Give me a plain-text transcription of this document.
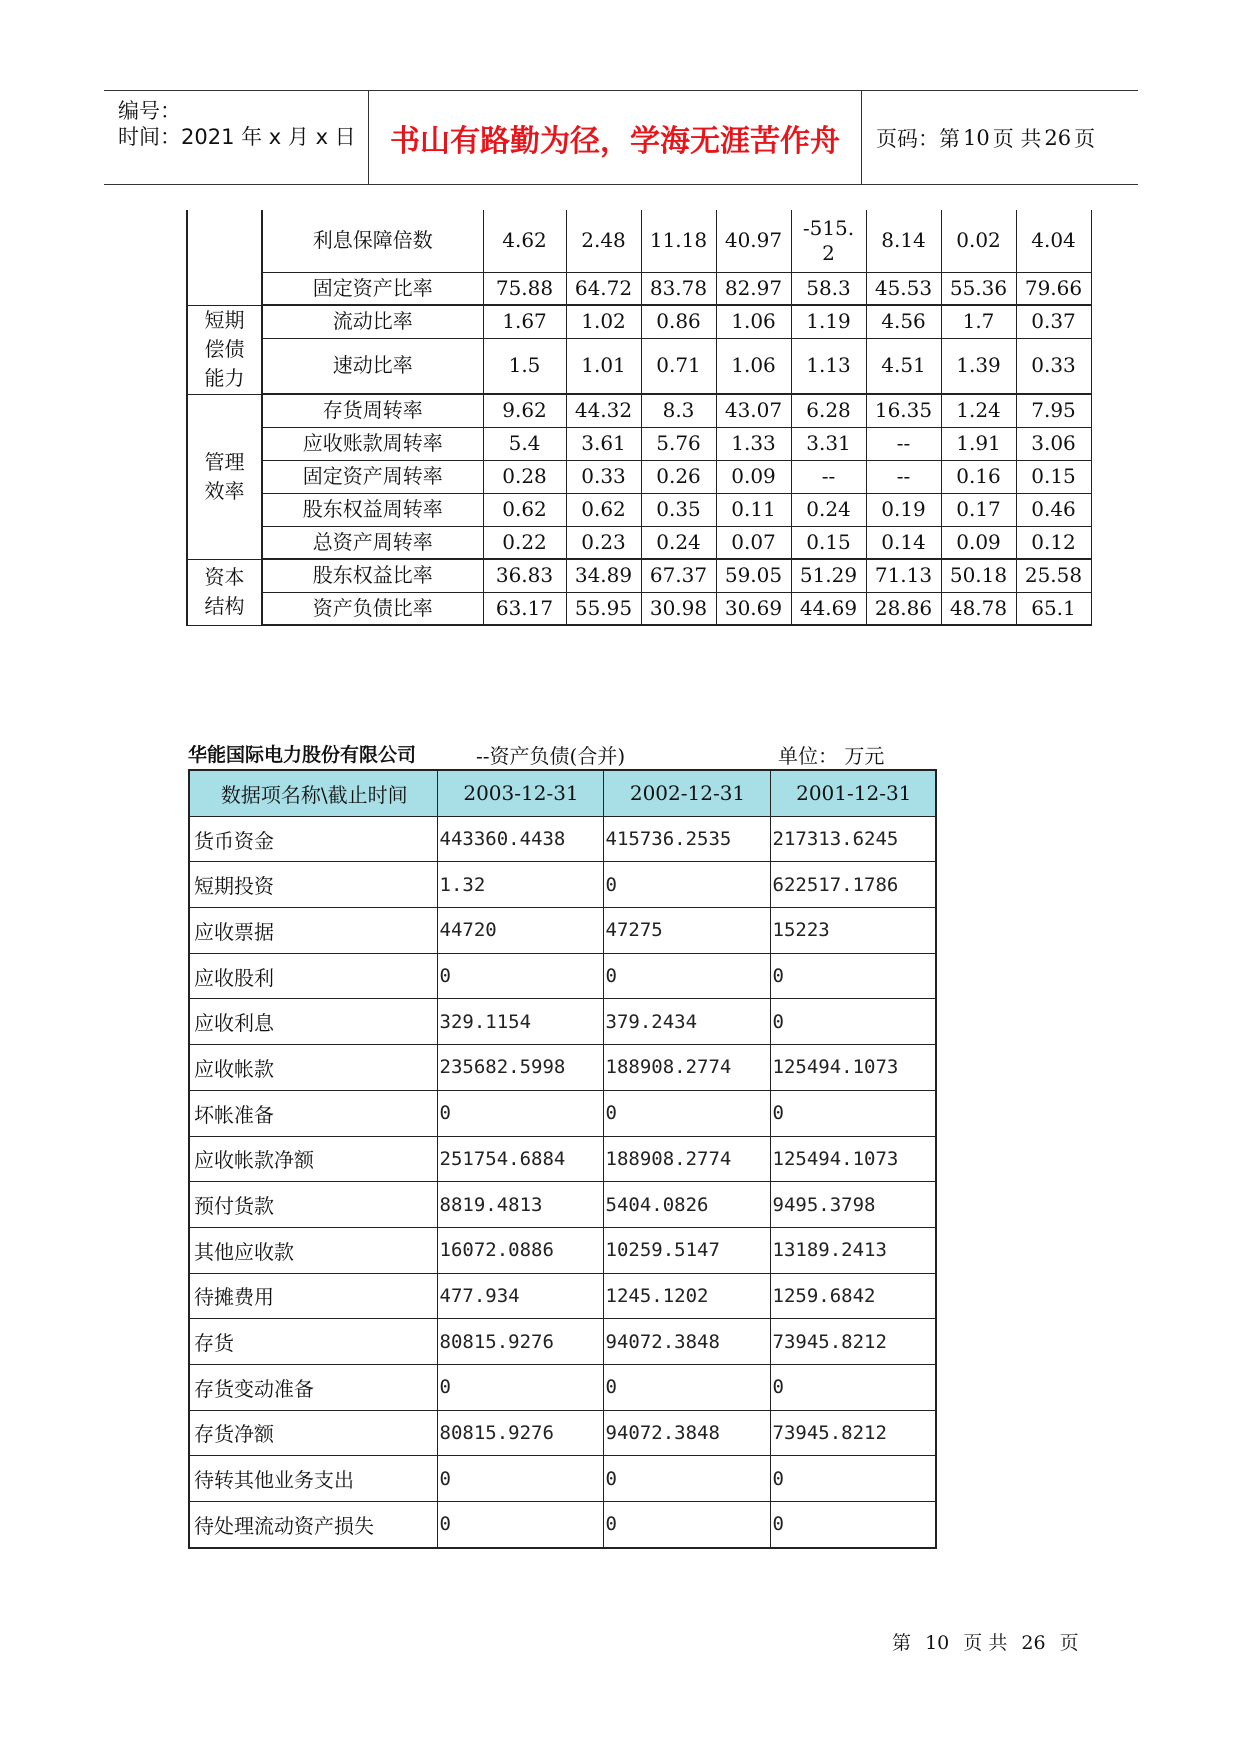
编号：
时间：2021 年 x 月 x 日	书山有路勤为径，学海无涯苦作舟	页码：第 10 页 共 26 页
	利息保障倍数	4.62	2.48	11.18	40.97	-515.2	8.14	0.02	4.04
	固定资产比率	75.88	64.72	83.78	82.97	58.3	45.53	55.36	79.66
短期偿债能力	流动比率	1.67	1.02	0.86	1.06	1.19	4.56	1.7	0.37
	速动比率	1.5	1.01	0.71	1.06	1.13	4.51	1.39	0.33
管理效率	存货周转率	9.62	44.32	8.3	43.07	6.28	16.35	1.24	7.95
	应收账款周转率	5.4	3.61	5.76	1.33	3.31	--	1.91	3.06
	固定资产周转率	0.28	0.33	0.26	0.09	--	--	0.16	0.15
	股东权益周转率	0.62	0.62	0.35	0.11	0.24	0.19	0.17	0.46
	总资产周转率	0.22	0.23	0.24	0.07	0.15	0.14	0.09	0.12
资本结构	股东权益比率	36.83	34.89	67.37	59.05	51.29	71.13	50.18	25.58
	资产负债比率	63.17	55.95	30.98	30.69	44.69	28.86	48.78	65.1
华能国际电力股份有限公司	--资产负债(合并)	单位： 万元
数据项名称\截止时间	2003-12-31	2002-12-31	2001-12-31
货币资金	443360.4438	415736.2535	217313.6245
短期投资	1.32	0	622517.1786
应收票据	44720	47275	15223
应收股利	0	0	0
应收利息	329.1154	379.2434	0
应收帐款	235682.5998	188908.2774	125494.1073
坏帐准备	0	0	0
应收帐款净额	251754.6884	188908.2774	125494.1073
预付货款	8819.4813	5404.0826	9495.3798
其他应收款	16072.0886	10259.5147	13189.2413
待摊费用	477.934	1245.1202	1259.6842
存货	80815.9276	94072.3848	73945.8212
存货变动准备	0	0	0
存货净额	80815.9276	94072.3848	73945.8212
待转其他业务支出	0	0	0
待处理流动资产损失	0	0	0
第 10 页 共 26 页
